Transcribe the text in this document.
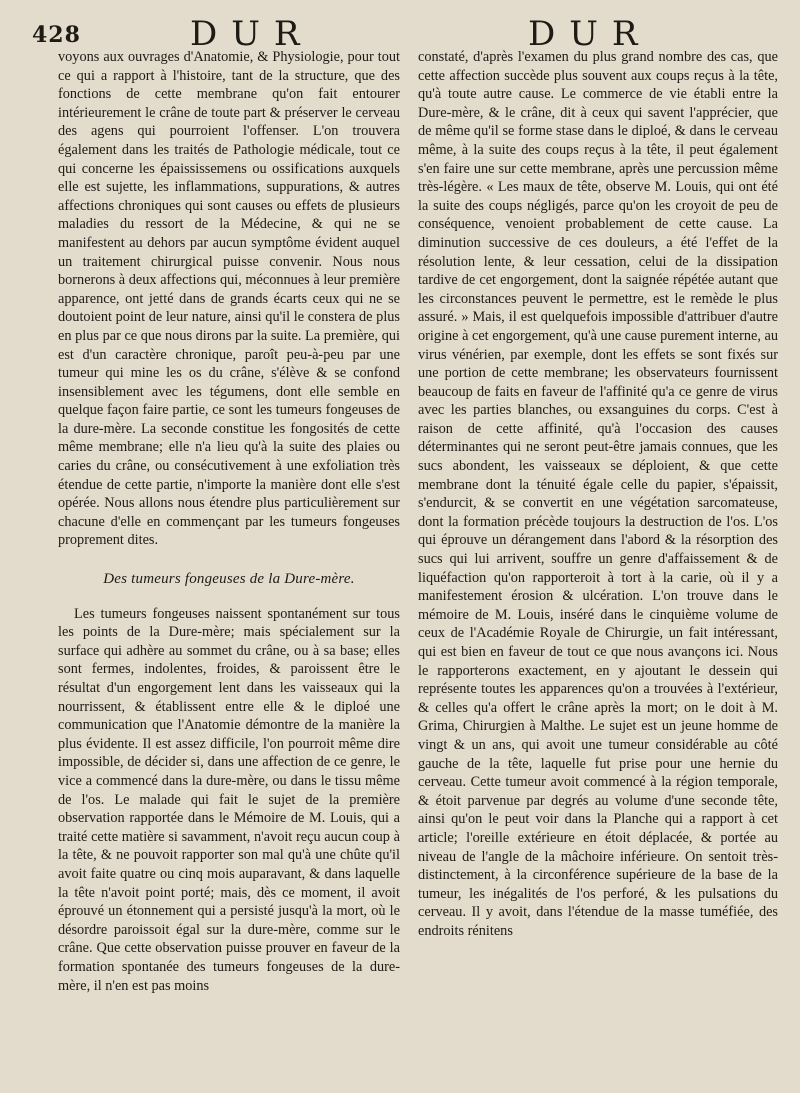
428	DUR	DUR

voyons aux ouvrages d'Anatomie, & Physiologie, pour tout ce qui a rapport à l'histoire, tant de la structure, que des fonctions de cette membrane qu'on fait entourer intérieurement le crâne de toute part & préserver le cerveau des agens qui pourroient l'offenser. L'on trouvera également dans les traités de Pathologie médicale, tout ce qui concerne les épaississemens ou ossifications auxquels elle est sujette, les inflammations, suppurations, & autres affections chroniques qui sont causes ou effets de plusieurs maladies du ressort de la Médecine, & qui ne se manifestent au dehors par aucun symptôme évident auquel un traitement chirurgical puisse convenir. Nous nous bornerons à deux affections qui, méconnues à leur première apparence, ont jetté dans de grands écarts ceux qui ne se doutoient point de leur nature, ainsi qu'il le constera de plus en plus par ce que nous dirons par la suite. La première, qui est d'un caractère chronique, paroît peu-à-peu par une tumeur qui mine les os du crâne, s'élève & se confond insensiblement avec les tégumens, dont elle semble en quelque façon faire partie, ce sont les tumeurs fongeuses de la dure-mère. La seconde constitue les fongosités de cette même membrane; elle n'a lieu qu'à la suite des plaies ou caries du crâne, ou consécutivement à une exfoliation très étendue de cette partie, n'importe la manière dont elle s'est opérée. Nous allons nous étendre plus particulièrement sur chacune d'elle en commençant par les tumeurs fongeuses proprement dites.

Des tumeurs fongeuses de la Dure-mère.

Les tumeurs fongeuses naissent spontanément sur tous les points de la Dure-mère; mais spécialement sur la surface qui adhère au sommet du crâne, ou à sa base; elles sont fermes, indolentes, froides, & paroissent être le résultat d'un engorgement lent dans les vaisseaux qui la nourrissent, & établissent entre elle & le diploé une communication que l'Anatomie démontre de la manière la plus évidente. Il est assez difficile, l'on pourroit même dire impossible, de décider si, dans une affection de ce genre, le vice a commencé dans la dure-mère, ou dans le tissu même de l'os. Le malade qui fait le sujet de la première observation rapportée dans le Mémoire de M. Louis, qui a traité cette matière si savamment, n'avoit reçu aucun coup à la tête, & ne pouvoit rapporter son mal qu'à une chûte qu'il avoit faite quatre ou cinq mois auparavant, & dans laquelle la tête n'avoit point porté; mais, dès ce moment, il avoit éprouvé un étonnement qui a persisté jusqu'à la mort, où le désordre paroissoit égal sur la dure-mère, comme sur le crâne. Que cette observation puisse prouver en faveur de la formation spontanée des tumeurs fongeuses de la dure-mère, il n'en est pas moins

constaté, d'après l'examen du plus grand nombre des cas, que cette affection succède plus souvent aux coups reçus à la tête, qu'à toute autre cause. Le commerce de vie établi entre la Dure-mère, & le crâne, dit à ceux qui savent l'apprécier, que de même qu'il se forme stase dans le diploé, & dans le cerveau même, à la suite des coups reçus à la tête, il peut également s'en faire une sur cette membrane, après une percussion même très-légère. « Les maux de tête, observe M. Louis, qui ont été la suite des coups négligés, parce qu'on les croyoit de peu de conséquence, venoient probablement de cette cause. La diminution successive de ces douleurs, a été l'effet de la résolution lente, & leur cessation, celui de la dissipation tardive de cet engorgement, dont la saignée répétée autant que les circonstances peuvent le permettre, est le remède le plus assuré. » Mais, il est quelquefois impossible d'attribuer d'autre origine à cet engorgement, qu'à une cause purement interne, au virus vénérien, par exemple, dont les effets se sont fixés sur une portion de cette membrane; les observateurs fournissent beaucoup de faits en faveur de l'affinité qu'a ce genre de virus avec les parties blanches, ou exsanguines du corps. C'est à raison de cette affinité, qu'à l'occasion des causes déterminantes qui ne seront peut-être jamais connues, que les sucs abondent, les vaisseaux se déploient, & que cette membrane dont la ténuité égale celle du papier, s'épaissit, s'endurcit, & se convertit en une végétation sarcomateuse, dont la formation précède toujours la destruction de l'os. L'os qui éprouve un dérangement dans l'abord & la résorption des sucs qui lui arrivent, souffre un genre d'affaissement & de liquéfaction qu'on rapporteroit à tort à la carie, où il y a manifestement érosion & ulcération. L'on trouve dans le mémoire de M. Louis, inséré dans le cinquième volume de ceux de l'Académie Royale de Chirurgie, un fait intéressant, qui est bien en faveur de tout ce que nous avançons ici. Nous le rapporterons exactement, en y ajoutant le dessein qui représente toutes les apparences qu'on a trouvées à l'extérieur, & celles qu'a offert le crâne après la mort; on le doit à M. Grima, Chirurgien à Malthe. Le sujet est un jeune homme de vingt & un ans, qui avoit une tumeur considérable au côté gauche de la tête, laquelle fut prise pour une hernie du cerveau. Cette tumeur avoit commencé à la région temporale, & étoit parvenue par degrés au volume d'une seconde tête, ainsi qu'on le peut voir dans la Planche qui a rapport à cet article; l'oreille extérieure en étoit déplacée, & portée au niveau de l'angle de la mâchoire inférieure. On sentoit très-distinctement, à la circonférence supérieure de la base de la tumeur, les inégalités de l'os perforé, & les pulsations du cerveau. Il y avoit, dans l'étendue de la masse tuméfiée, des endroits rénitens
